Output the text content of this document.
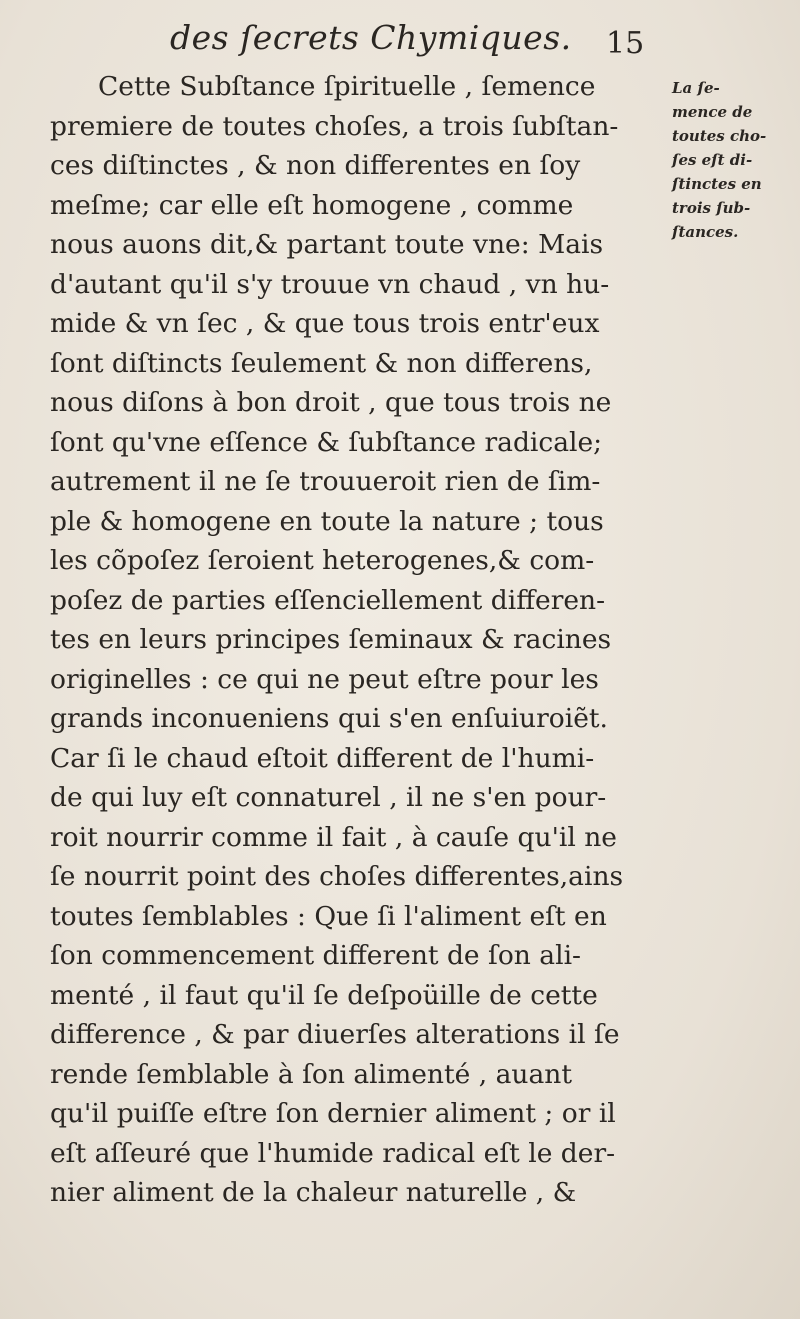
des ſecrets Chymiques. 15
Cette Subſtance ſpirituelle , ſemence
premiere de toutes choſes, a trois ſubſtan-
ces diſtinctes , & non differentes en ſoy
meſme; car elle eſt homogene , comme
nous auons dit,& partant toute vne: Mais
d'autant qu'il s'y trouue vn chaud , vn hu-
mide & vn ſec , & que tous trois entr'eux
ſont diſtincts ſeulement & non differens,
nous diſons à bon droit , que tous trois ne
ſont qu'vne eſſence & ſubſtance radicale;
autrement il ne ſe trouueroit rien de ſim-
ple & homogene en toute la nature ; tous
les cõpoſez ſeroient heterogenes,& com-
poſez de parties eſſenciellement differen-
tes en leurs principes ſeminaux & racines
originelles : ce qui ne peut eſtre pour les
grands inconueniens qui s'en enſuiuroiẽt.
Car ſi le chaud eſtoit different de l'humi-
de qui luy eſt connaturel , il ne s'en pour-
roit nourrir comme il fait , à cauſe qu'il ne
ſe nourrit point des choſes differentes,ains
toutes ſemblables : Que ſi l'aliment eſt en
ſon commencement different de ſon ali-
menté , il faut qu'il ſe deſpoüille de cette
difference , & par diuerſes alterations il ſe
rende ſemblable à ſon alimenté , auant
qu'il puiſſe eſtre ſon dernier aliment ; or il
eſt aſſeuré que l'humide radical eſt le der-
nier aliment de la chaleur naturelle , &
La ſe-
mence de
toutes cho-
ſes eſt di-
ſtinctes en
trois ſub-
ſtances.
